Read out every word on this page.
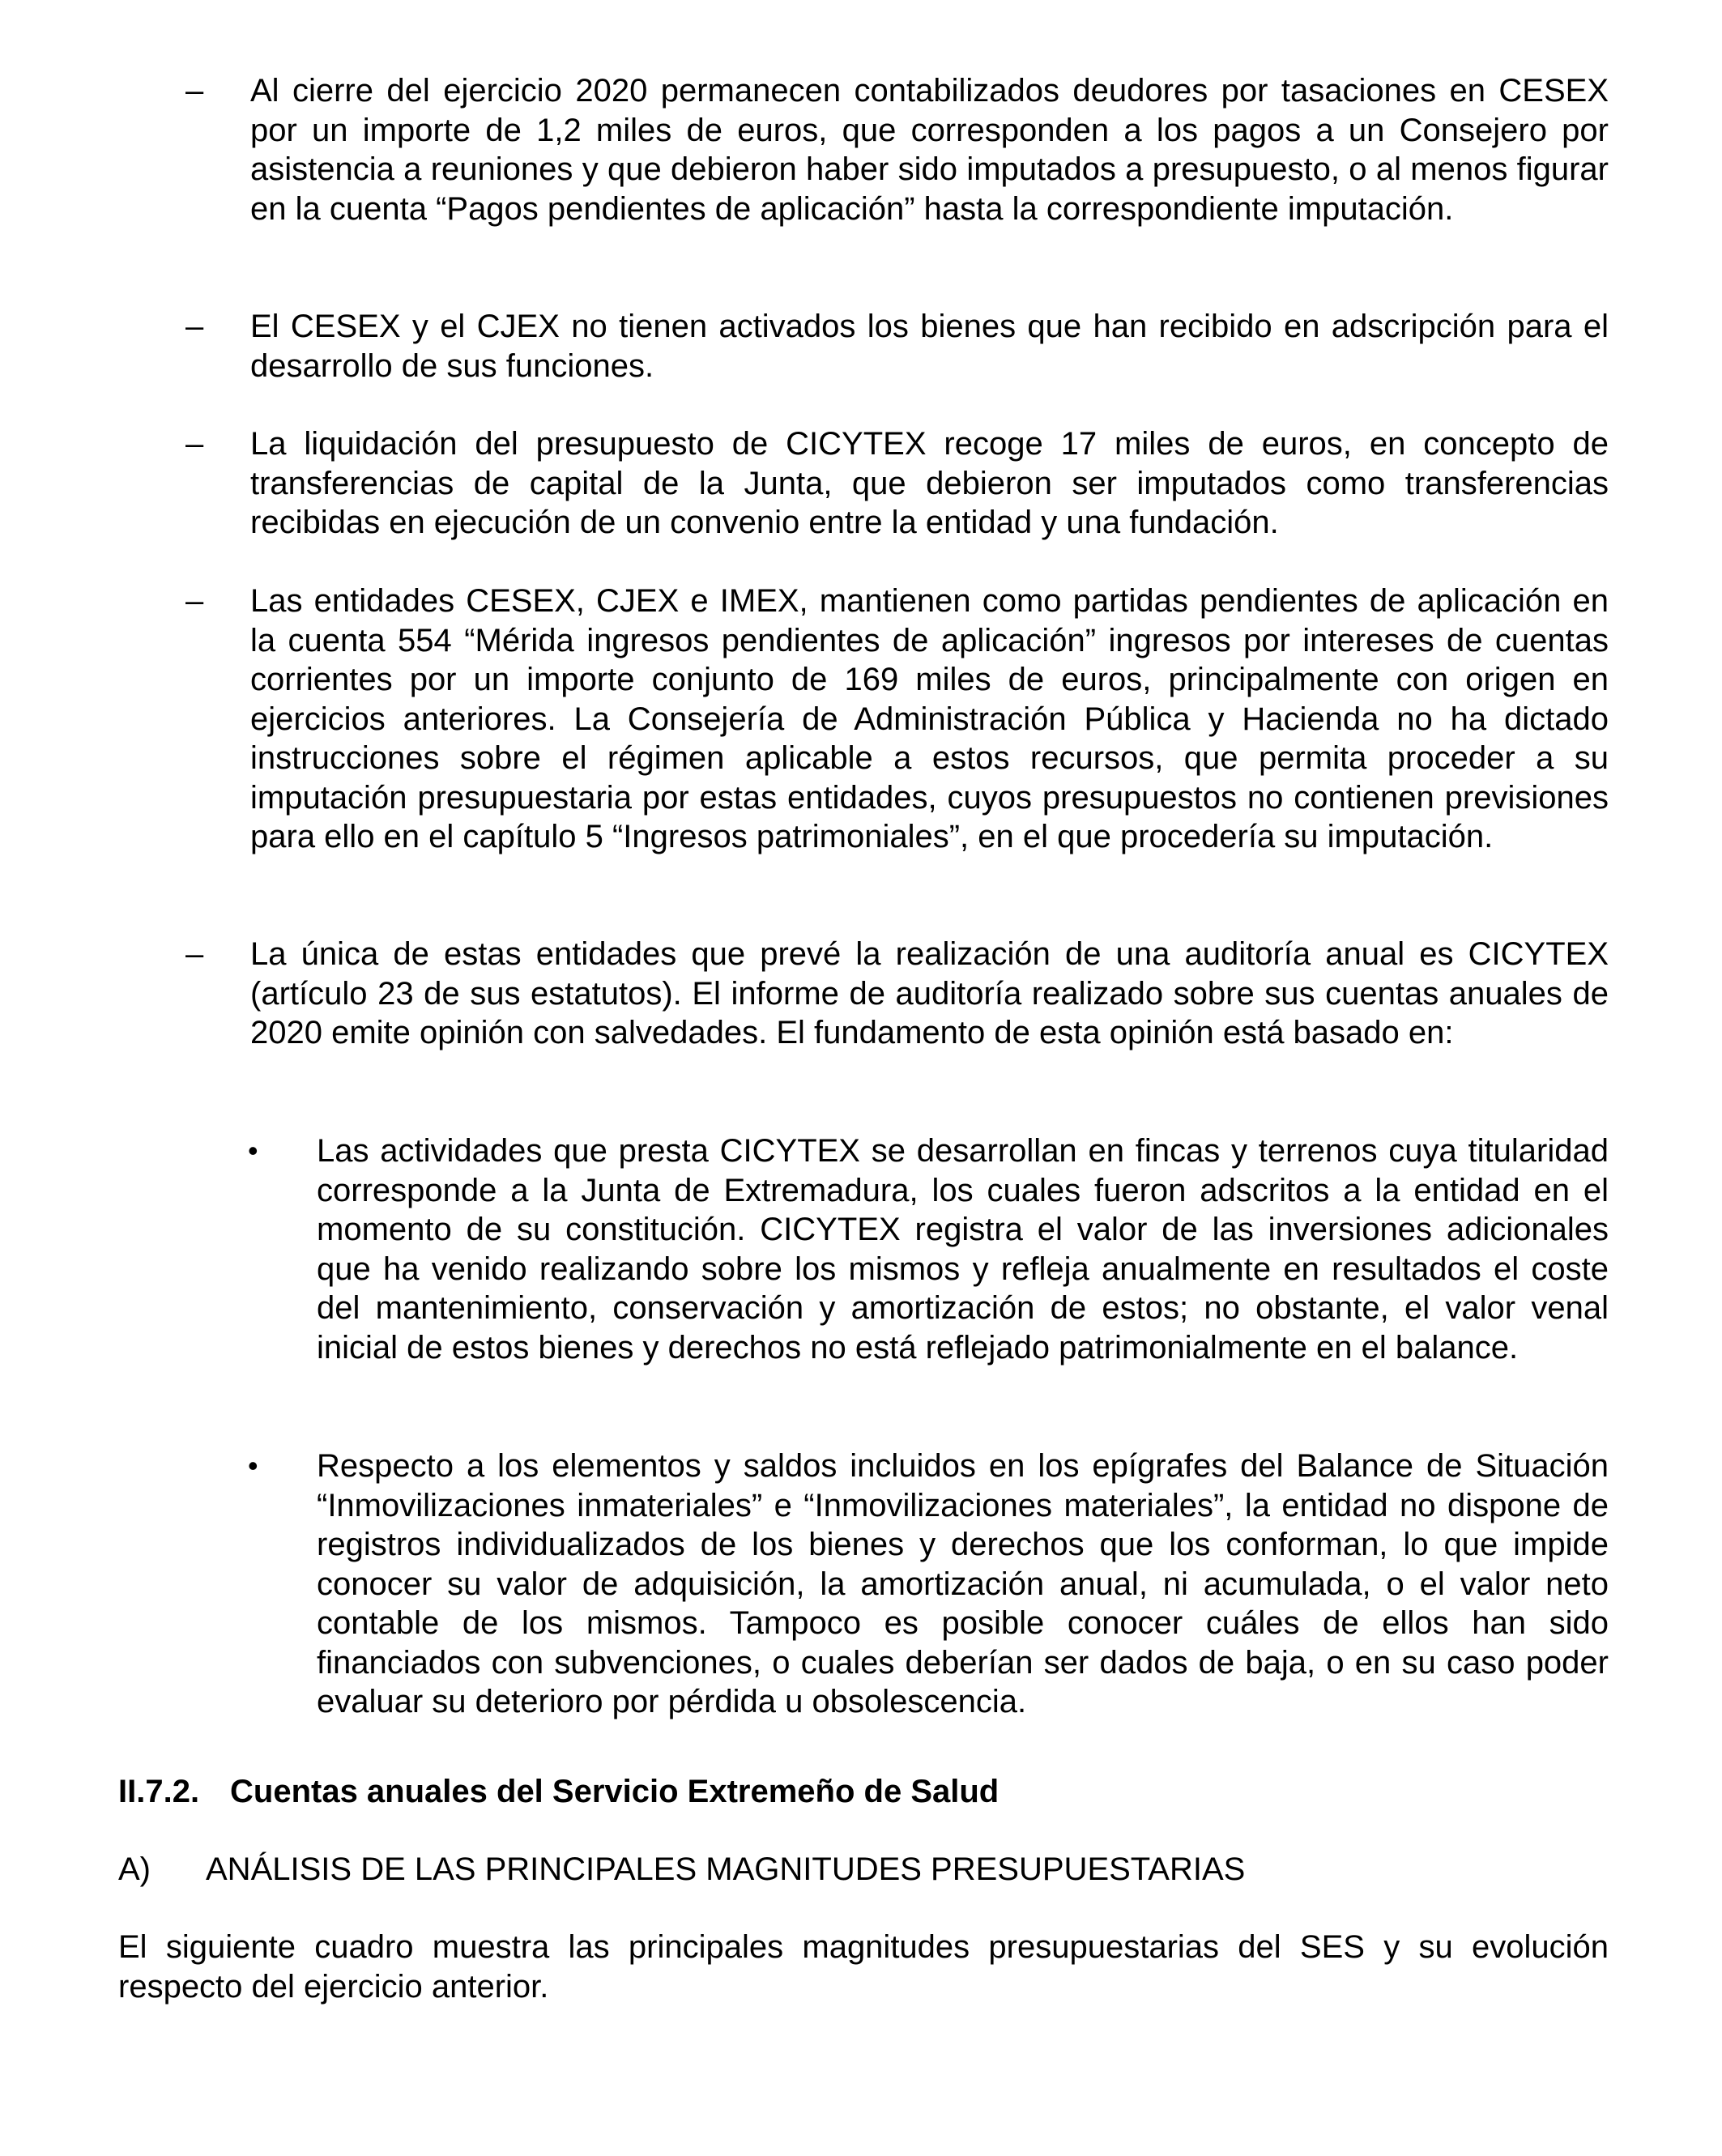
– Al cierre del ejercicio 2020 permanecen contabilizados deudores por tasaciones en CESEX por un importe de 1,2 miles de euros, que corresponden a los pagos a un Consejero por asistencia a reuniones y que debieron haber sido imputados a presupuesto, o al menos figurar en la cuenta “Pagos pendientes de aplicación” hasta la correspondiente imputación.
– El CESEX y el CJEX no tienen activados los bienes que han recibido en adscripción para el desarrollo de sus funciones.
– La liquidación del presupuesto de CICYTEX recoge 17 miles de euros, en concepto de transferencias de capital de la Junta, que debieron ser imputados como transferencias recibidas en ejecución de un convenio entre la entidad y una fundación.
– Las entidades CESEX, CJEX e IMEX, mantienen como partidas pendientes de aplicación en la cuenta 554 “Mérida ingresos pendientes de aplicación” ingresos por intereses de cuentas corrientes por un importe conjunto de 169 miles de euros, principalmente con origen en ejercicios anteriores. La Consejería de Administración Pública y Hacienda no ha dictado instrucciones sobre el régimen aplicable a estos recursos, que permita proceder a su imputación presupuestaria por estas entidades, cuyos presupuestos no contienen previsiones para ello en el capítulo 5 “Ingresos patrimoniales”, en el que procedería su imputación.
– La única de estas entidades que prevé la realización de una auditoría anual es CICYTEX (artículo 23 de sus estatutos). El informe de auditoría realizado sobre sus cuentas anuales de 2020 emite opinión con salvedades. El fundamento de esta opinión está basado en:
• Las actividades que presta CICYTEX se desarrollan en fincas y terrenos cuya titularidad corresponde a la Junta de Extremadura, los cuales fueron adscritos a la entidad en el momento de su constitución. CICYTEX registra el valor de las inversiones adicionales que ha venido realizando sobre los mismos y refleja anualmente en resultados el coste del mantenimiento, conservación y amortización de estos; no obstante, el valor venal inicial de estos bienes y derechos no está reflejado patrimonialmente en el balance.
• Respecto a los elementos y saldos incluidos en los epígrafes del Balance de Situación “Inmovilizaciones inmateriales” e “Inmovilizaciones materiales”, la entidad no dispone de registros individualizados de los bienes y derechos que los conforman, lo que impide conocer su valor de adquisición, la amortización anual, ni acumulada, o el valor neto contable de los mismos. Tampoco es posible conocer cuáles de ellos han sido financiados con subvenciones, o cuales deberían ser dados de baja, o en su caso poder evaluar su deterioro por pérdida u obsolescencia.
II.7.2. Cuentas anuales del Servicio Extremeño de Salud
A) ANÁLISIS DE LAS PRINCIPALES MAGNITUDES PRESUPUESTARIAS
El siguiente cuadro muestra las principales magnitudes presupuestarias del SES y su evolución respecto del ejercicio anterior.
